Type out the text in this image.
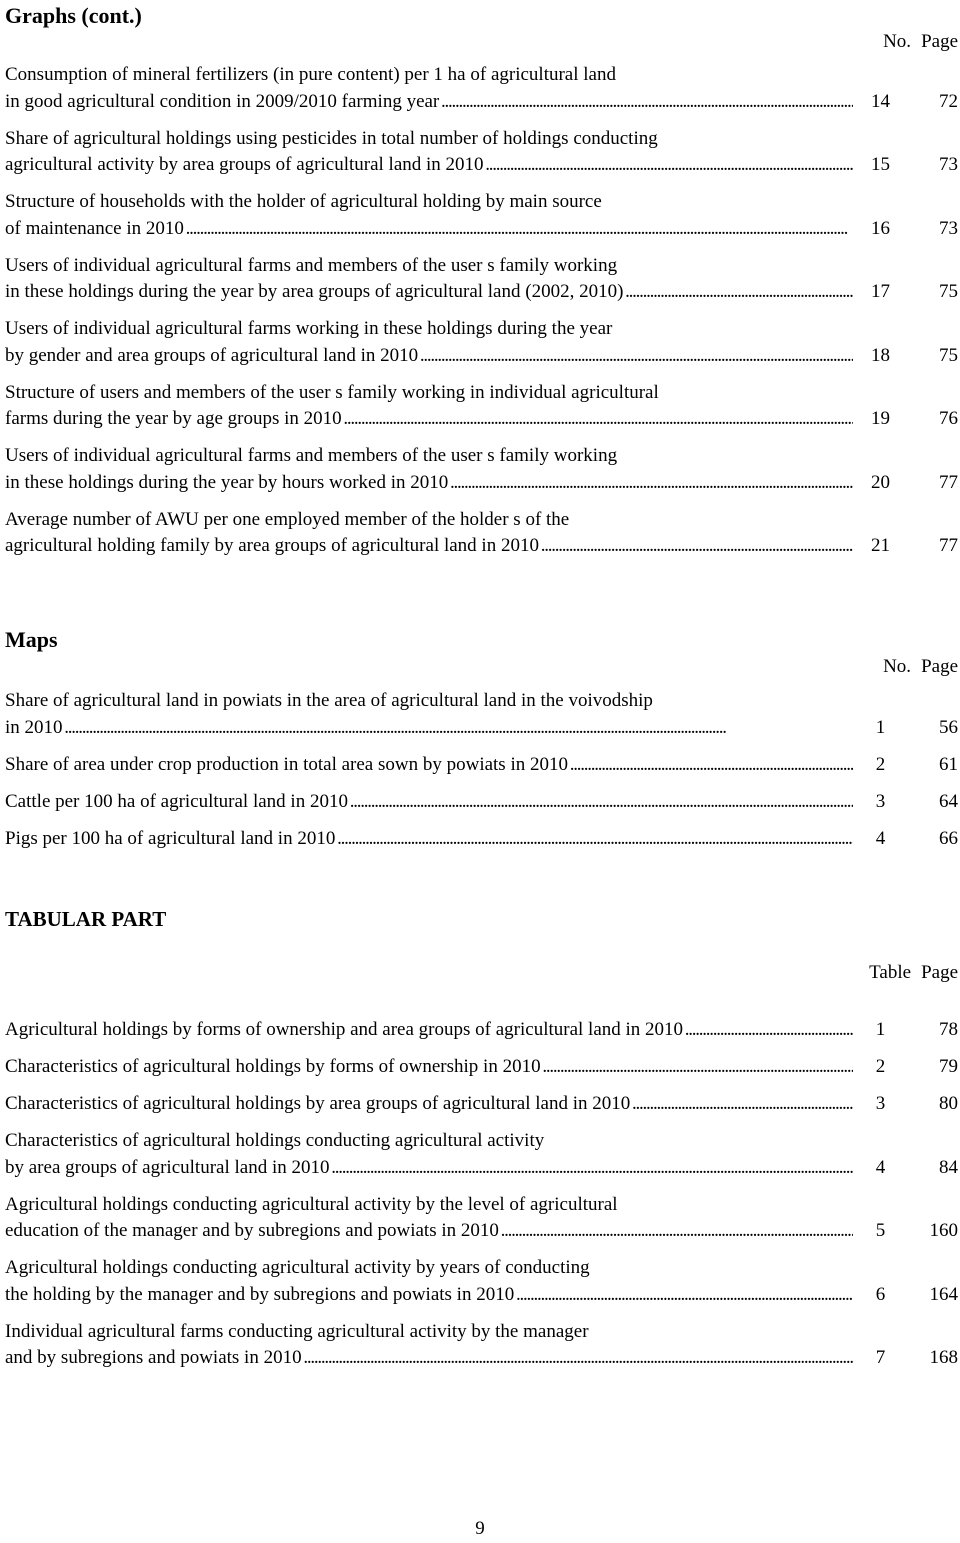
Graphs (cont.)
No. Page
Consumption of mineral fertilizers (in pure content) per 1 ha of agricultural land
in good agricultural condition in 2009/2010 farming year . . .	14	72
Share of agricultural holdings using pesticides in total number of holdings conducting
agricultural activity by area groups of agricultural land in 2010 . . .	15	73
Structure of households with the holder of agricultural holding by main source
of maintenance in 2010 . . .	16	73
Users of individual agricultural farms and members of the user s family working
in these holdings during the year by area groups of agricultural land (2002, 2010) . . .	17	75
Users of individual agricultural farms working in these holdings during the year
by gender and area groups of agricultural land in 2010 . . .	18	75
Structure of users and members of the user s family working in individual agricultural
farms during the year by age groups in 2010 . . .	19	76
Users of individual agricultural farms and members of the user s family working
in these holdings during the year by hours worked in 2010 . . .	20	77
Average number of AWU per one employed member of the holder s of the
agricultural holding family by area groups of agricultural land in 2010 . . .	21	77
Maps
No. Page
Share of agricultural land in powiats in the area of agricultural land in the voivodship
in 2010 . . .	1	56
Share of area under crop production in total area sown by powiats in 2010 . . .	2	61
Cattle per 100 ha of agricultural land in 2010 . . .	3	64
Pigs per 100 ha of agricultural land in 2010 . . .	4	66
TABULAR PART
Table Page
Agricultural holdings by forms of ownership and area groups of agricultural land in 2010 . . .	1	78
Characteristics of agricultural holdings by forms of ownership in 2010 . . .	2	79
Characteristics of agricultural holdings by area groups of agricultural land in 2010 . . .	3	80
Characteristics of agricultural holdings conducting agricultural activity
by area groups of agricultural land in 2010 . . .	4	84
Agricultural holdings conducting agricultural activity by the level of agricultural
education of the manager and by subregions and powiats in 2010 . . .	5	160
Agricultural holdings conducting agricultural activity by years of conducting
the holding by the manager and by subregions and powiats in 2010 . . .	6	164
Individual agricultural farms conducting agricultural activity by the manager
and by subregions and powiats in 2010 . . .	7	168
9
